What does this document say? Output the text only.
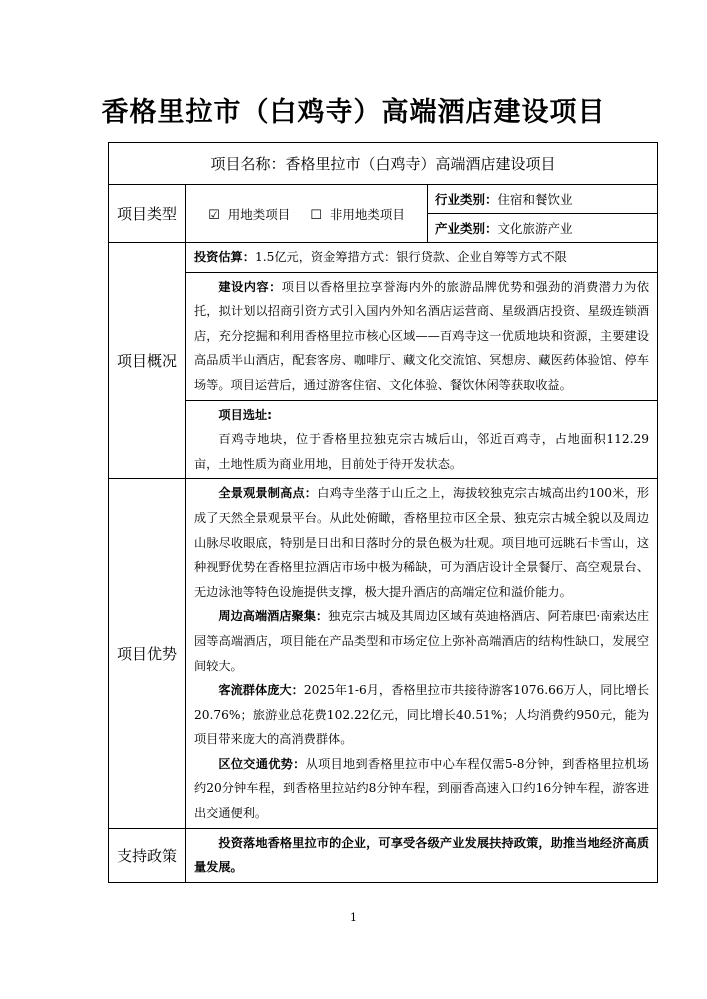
香格里拉市（白鸡寺）高端酒店建设项目
项目名称：香格里拉市（白鸡寺）高端酒店建设项目		
项目类型	☑ 用地类项目 ☐ 非用地类项目	行业类别：住宿和餐饮业
		产业类别：文化旅游产业
项目概况	投资估算：1.5亿元，资金筹措方式：银行贷款、企业自筹等方式不限	

	建设内容：项目以香格里拉享誉海内外的旅游品牌优势和强劲的消费潜力为依托，拟计划以招商引资方式引入国内外知名酒店运营商、星级酒店投资、星级连锁酒店，充分挖掘和利用香格里拉市核心区域——百鸡寺这一优质地块和资源，主要建设高品质半山酒店，配套客房、咖啡厅、藏文化交流馆、冥想房、藏医药体验馆、停车场等。项目运营后，通过游客住宿、文化体验、餐饮休闲等获取收益。	

	项目选址:

百鸡寺地块，位于香格里拉独克宗古城后山，邻近百鸡寺，占地面积112.29亩，土地性质为商业用地，目前处于待开发状态。	

项目优势	全景观景制高点：白鸡寺坐落于山丘之上，海拔较独克宗古城高出约100米，形成了天然全景观景平台。从此处俯瞰，香格里拉市区全景、独克宗古城全貌以及周边山脉尽收眼底，特别是日出和日落时分的景色极为壮观。项目地可远眺石卡雪山，这种视野优势在香格里拉酒店市场中极为稀缺，可为酒店设计全景餐厅、高空观景台、无边泳池等特色设施提供支撑，极大提升酒店的高端定位和溢价能力。

周边高端酒店聚集：独克宗古城及其周边区域有英迪格酒店、阿若康巴·南索达庄园等高端酒店，项目能在产品类型和市场定位上弥补高端酒店的结构性缺口，发展空间较大。

客流群体庞大：2025年1-6月，香格里拉市共接待游客1076.66万人，同比增长20.76%；旅游业总花费102.22亿元，同比增长40.51%；人均消费约950元，能为项目带来庞大的高消费群体。

区位交通优势：从项目地到香格里拉市中心车程仅需5-8分钟，到香格里拉机场约20分钟车程，到香格里拉站约8分钟车程，到丽香高速入口约16分钟车程，游客进出交通便利。	

支持政策	投资落地香格里拉市的企业，可享受各级产业发展扶持政策，助推当地经济高质量发展。	

1
